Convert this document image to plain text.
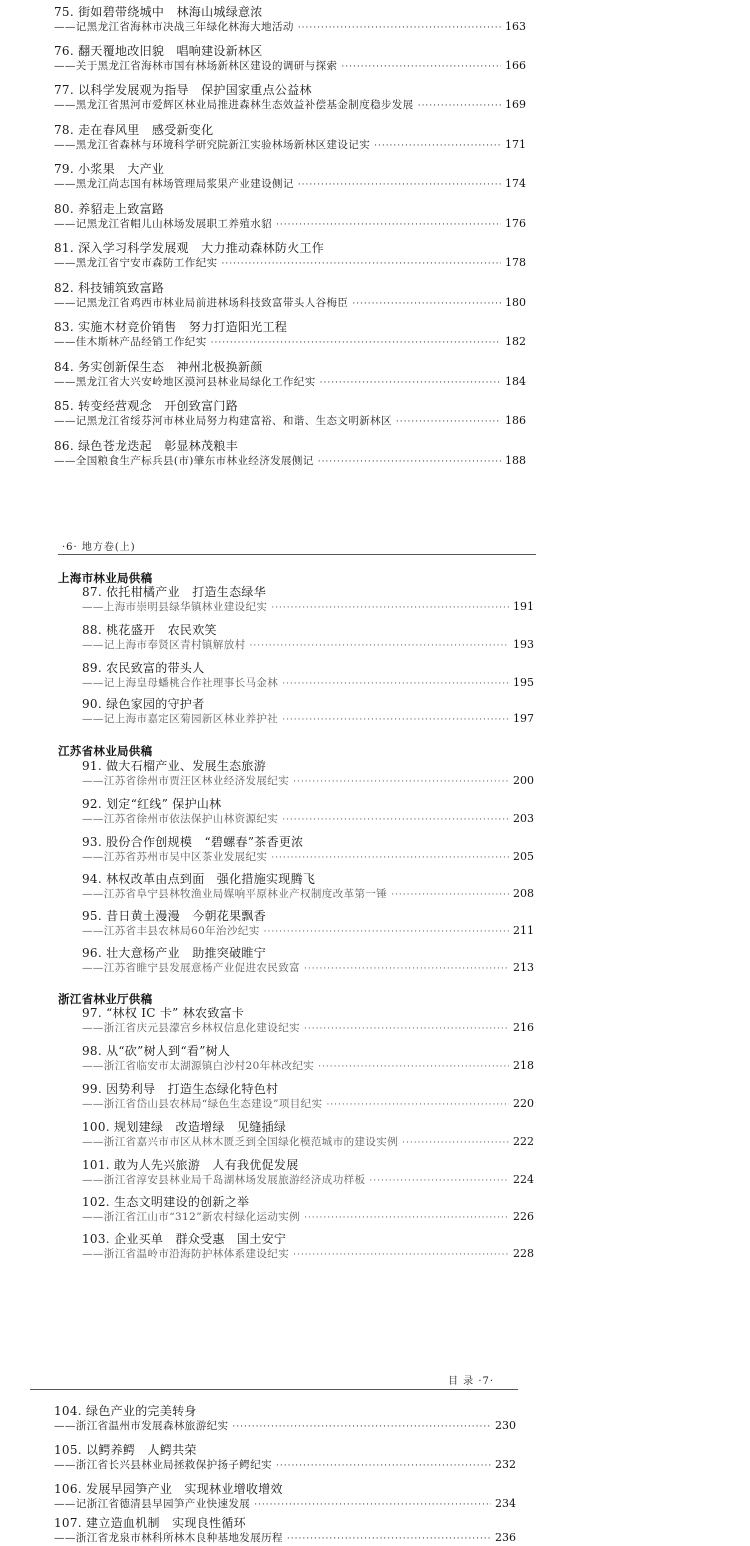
75. 街如碧带绕城中　林海山城绿意浓
——记黑龙江省海林市决战三年绿化林海大地活动 ·····	163
76. 翻天覆地改旧貌　唱响建设新林区
——关于黑龙江省海林市国有林场新林区建设的调研与探索 ·····	166
77. 以科学发展观为指导　保护国家重点公益林
——黑龙江省黑河市爱辉区林业局推进森林生态效益补偿基金制度稳步发展 ·····	169
78. 走在春风里　感受新变化
——黑龙江省森林与环境科学研究院新江实验林场新林区建设记实 ·····	171
79. 小浆果　大产业
——黑龙江尚志国有林场管理局浆果产业建设侧记 ·····	174
80. 养貂走上致富路
——记黑龙江省帽儿山林场发展职工养殖水貂 ·····	176
81. 深入学习科学发展观　大力推动森林防火工作
——黑龙江省宁安市森防工作纪实 ·····	178
82. 科技铺筑致富路
——记黑龙江省鸡西市林业局前进林场科技致富带头人谷梅臣 ·····	180
83. 实施木材竞价销售　努力打造阳光工程
——佳木斯林产品经销工作纪实 ·····	182
84. 务实创新保生态　神州北极换新颜
——黑龙江省大兴安岭地区漠河县林业局绿化工作纪实 ·····	184
85. 转变经营观念　开创致富门路
——记黑龙江省绥芬河市林业局努力构建富裕、和谐、生态文明新林区 ·····	186
86. 绿色苍龙迭起　彰显林茂粮丰
——全国粮食生产标兵县(市)肇东市林业经济发展侧记 ·····	188
·6· 地方卷(上)
上海市林业局供稿
87. 依托柑橘产业　打造生态绿华
——上海市崇明县绿华镇林业建设纪实 ·····	191
88. 桃花盛开　农民欢笑
——记上海市奉贤区青村镇解放村 ·····	193
89. 农民致富的带头人
——记上海皇母蟠桃合作社理事长马金林 ·····	195
90. 绿色家园的守护者
——记上海市嘉定区菊园新区林业养护社 ·····	197
江苏省林业局供稿
91. 做大石榴产业、发展生态旅游
——江苏省徐州市贾汪区林业经济发展纪实 ·····	200
92. 划定“红线” 保护山林
——江苏省徐州市依法保护山林资源纪实 ·····	203
93. 股份合作创规模　“碧螺春”茶香更浓
——江苏省苏州市吴中区茶业发展纪实 ·····	205
94. 林权改革由点到面　强化措施实现腾飞
——江苏省阜宁县林牧渔业局媒响平原林业产权制度改革第一锤 ·····	208
95. 昔日黄土漫漫　今朝花果飘香
——江苏省丰县农林局60年治沙纪实 ·····	211
96. 壮大意杨产业　助推突破睢宁
——江苏省睢宁县发展意杨产业促进农民致富 ·····	213
浙江省林业厅供稿
97. “林权 IC 卡” 林农致富卡
——浙江省庆元县濛宫乡林权信息化建设纪实 ·····	216
98. 从“砍”树人到“看”树人
——浙江省临安市太湖源镇白沙村20年林改纪实 ·····	218
99. 因势利导　打造生态绿化特色村
——浙江省岱山县农林局“绿色生态建设”项目纪实 ·····	220
100. 规划建绿　改造增绿　见缝插绿
——浙江省嘉兴市市区从林木匮乏到全国绿化模范城市的建设实例 ·····	222
101. 敢为人先兴旅游　人有我优促发展
——浙江省淳安县林业局千岛湖林场发展旅游经济成功样板 ·····	224
102. 生态文明建设的创新之举
——浙江省江山市“312”新农村绿化运动实例 ·····	226
103. 企业买单　群众受惠　国土安宁
——浙江省温岭市沿海防护林体系建设纪实 ·····	228
目 录 ·7·
104. 绿色产业的完美转身
——浙江省温州市发展森林旅游纪实 ·····	230
105. 以鳄养鳄　人鳄共荣
——浙江省长兴县林业局拯救保护扬子鳄纪实 ·····	232
106. 发展早园笋产业　实现林业增收增效
——记浙江省德清县早园笋产业快速发展 ·····	234
107. 建立造血机制　实现良性循环
——浙江省龙泉市林科所林木良种基地发展历程 ·····	236
